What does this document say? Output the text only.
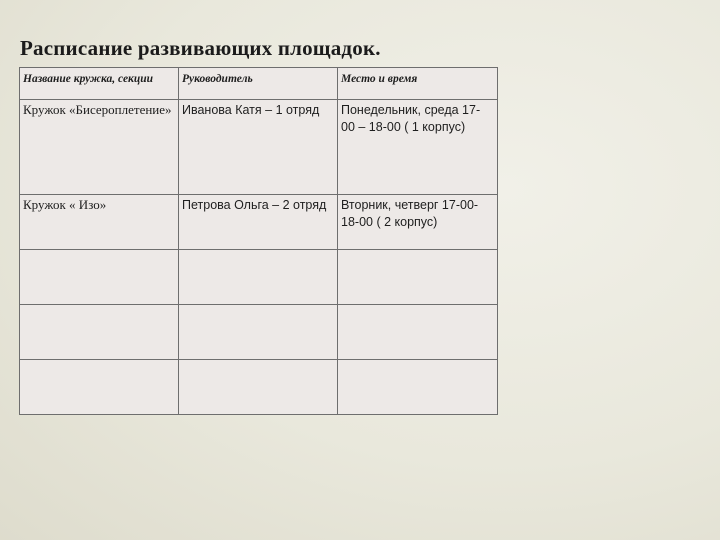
Расписание развивающих площадок.
Название кружка, секции	Руководитель	Место и время
Кружок «Бисероплетение»	Иванова Катя – 1 отряд	Понедельник, среда 17-00 – 18-00 ( 1 корпус)
Кружок « Изо»	Петрова Ольга – 2 отряд	Вторник, четверг 17-00-18-00 ( 2 корпус)
